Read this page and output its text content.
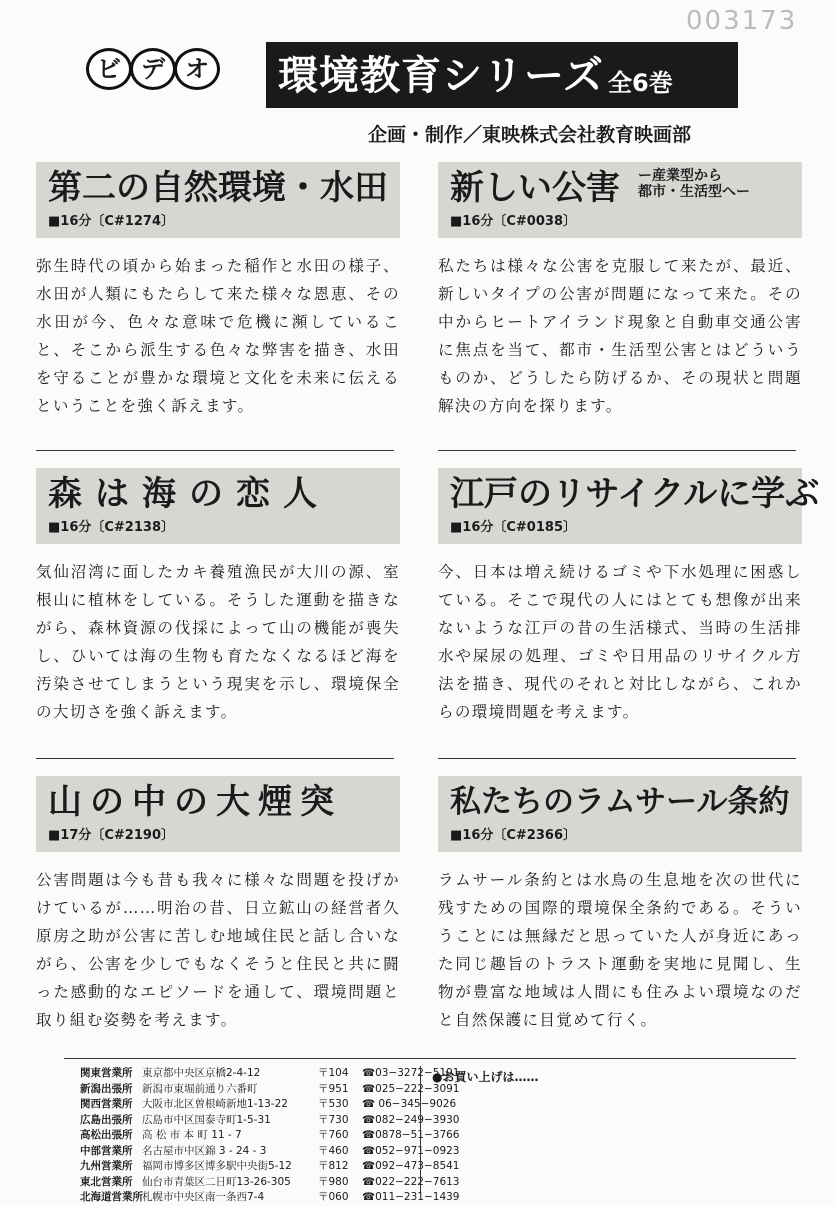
003173
ビ デ オ 環境教育シリーズ 全6巻
企画・制作／東映株式会社教育映画部
第二の自然環境・水田
■16分〔C#1274〕
弥生時代の頃から始まった稲作と水田の様子、水田が人類にもたらして来た様々な恩恵、その水田が今、色々な意味で危機に瀕しているこ と、そこから派生する色々な弊害を描き、水田を守ることが豊かな環境と文化を未来に伝えるということを強く訴えます。
新しい公害	ー産業型から
都市・生活型へー
■16分〔C#0038〕
私たちは様々な公害を克服して来たが、最近、新しいタイプの公害が問題になって来た。その中からヒートアイランド現象と自動車交通公害に焦点を当て、都市・生活型公害とはどういうものか、どうしたら防げるか、その現状と問題解決の方向を探ります。
森は海の恋人
■16分〔C#2138〕
気仙沼湾に面したカキ養殖漁民が大川の源、室根山に植林をしている。そうした運動を描きながら、森林資源の伐採によって山の機能が喪失し、ひいては海の生物も育たなくなるほど海を汚染させてしまうという現実を示し、環境保全の大切さを強く訴えます。
江戸のリサイクルに学ぶ
■16分〔C#0185〕
今、日本は増え続けるゴミや下水処理に困惑している。そこで現代の人にはとても想像が出来ないような江戸の昔の生活様式、当時の生活排水や屎尿の処理、ゴミや日用品のリサイクル方法を描き、現代のそれと対比しながら、これからの環境問題を考えます。
山の中の大煙突
■17分〔C#2190〕
公害問題は今も昔も我々に様々な問題を投げかけているが……明治の昔、日立鉱山の経営者久原房之助が公害に苦しむ地域住民と話し合いながら、公害を少しでもなくそうと住民と共に闘った感動的なエピソードを通して、環境問題と取り組む姿勢を考えます。
私たちのラムサール条約
■16分〔C#2366〕
ラムサール条約とは水鳥の生息地を次の世代に残すための国際的環境保全条約である。そういうことには無縁だと思っていた人が身近にあった同じ趣旨のトラスト運動を実地に見聞し、生物が豊富な地域は人間にも住みよい環境なのだと自然保護に目覚めて行く。
関東営業所 東京都中央区京橋2-4-12	〒104	☎03−3272−5191
新潟出張所 新潟市東堀前通り六番町	〒951	☎025−222−3091
関西営業所 大阪市北区曽根崎新地1-13-22	〒530	☎ 06−345−9026
広島出張所 広島市中区国泰寺町1-5-31	〒730	☎082−249−3930
高松出張所 高 松 市 本 町 11 - 7	〒760	☎0878−51−3766
中部営業所 名古屋市中区錦 3 - 24 - 3	〒460	☎052−971−0923
九州営業所 福岡市博多区博多駅中央街5-12	〒812	☎092−473−8541
東北営業所 仙台市青葉区二日町13-26-305	〒980	☎022−222−7613
北海道営業所 札幌市中央区南一条西7-4	〒060	☎011−231−1439
●お買い上げは……
